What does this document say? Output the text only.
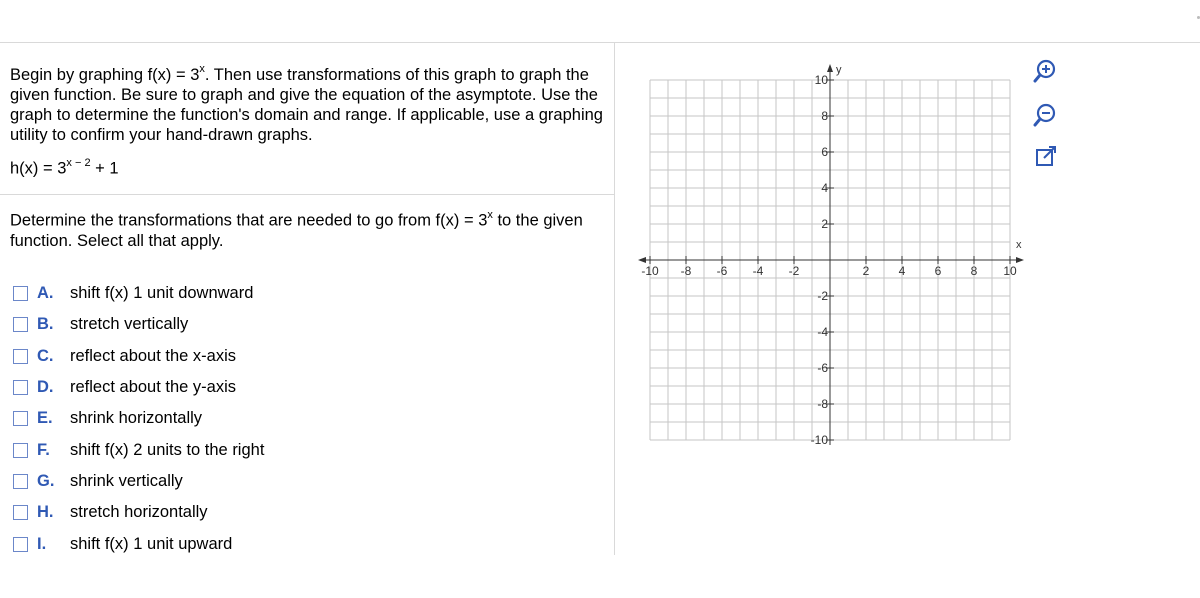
Begin by graphing $f(x) = 3^x$. Then use transformations of this graph to graph the given function. Be sure to graph and give the equation of the asymptote. Use the graph to determine the function's domain and range. If applicable, use a graphing utility to confirm your hand-drawn graphs.
$h(x) = 3^{x - 2} + 1$
Determine the transformations that are needed to go from $f(x) = 3^x$ to the given function. Select all that apply.
A.	shift f(x) 1 unit downward
B.	stretch vertically
C.	reflect about the x-axis
D.	reflect about the y-axis
E.	shrink horizontally
F.	shift f(x) 2 units to the right
G. shrink vertically
H.	stretch horizontally
I.	shift f(x) 1 unit upward
x
y
-10 -8 -6 -4 -2	2 4 6 8 10
10
8
6
4
2
-2
-4
-6
-8
-10
